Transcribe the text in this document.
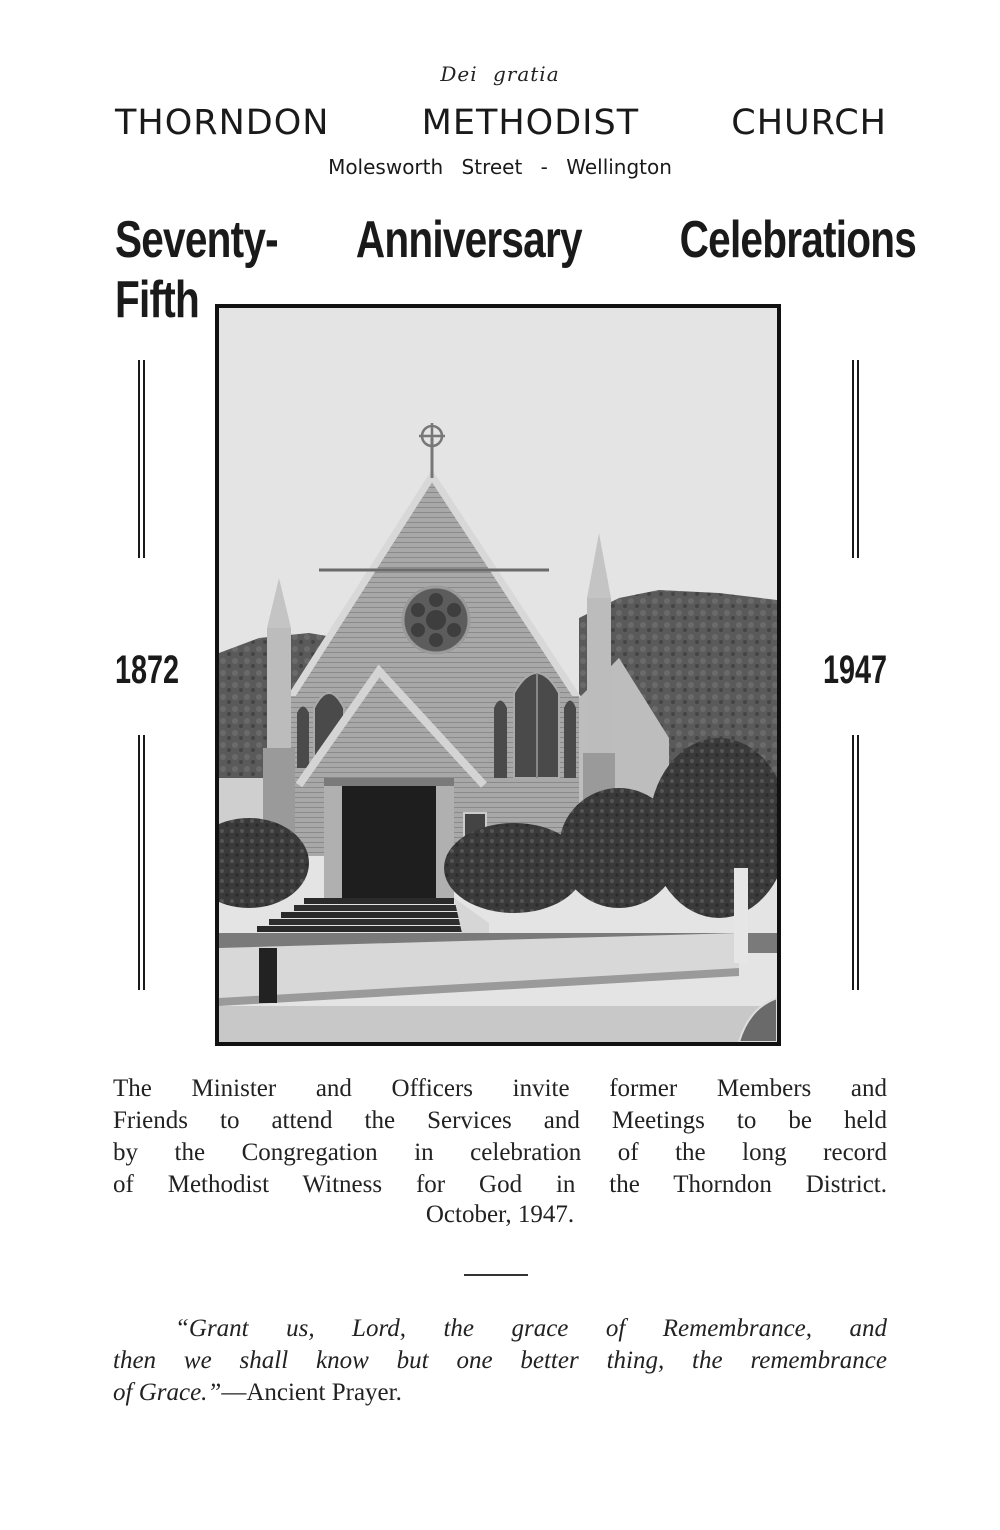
Dei gratia
THORNDON	METHODIST	CHURCH
Molesworth Street - Wellington
Seventy-Fifth
Anniversary Celebrations
1872	1947
The Minister and Officers invite former Members and
Friends to attend the Services and Meetings to be held
by the Congregation in celebration of the long record
of Methodist Witness for God in the Thorndon District.
October, 1947.
“Grant us, Lord, the grace of Remembrance, and
then we shall know but one better thing, the remembrance
of Grace.”—Ancient Prayer.
